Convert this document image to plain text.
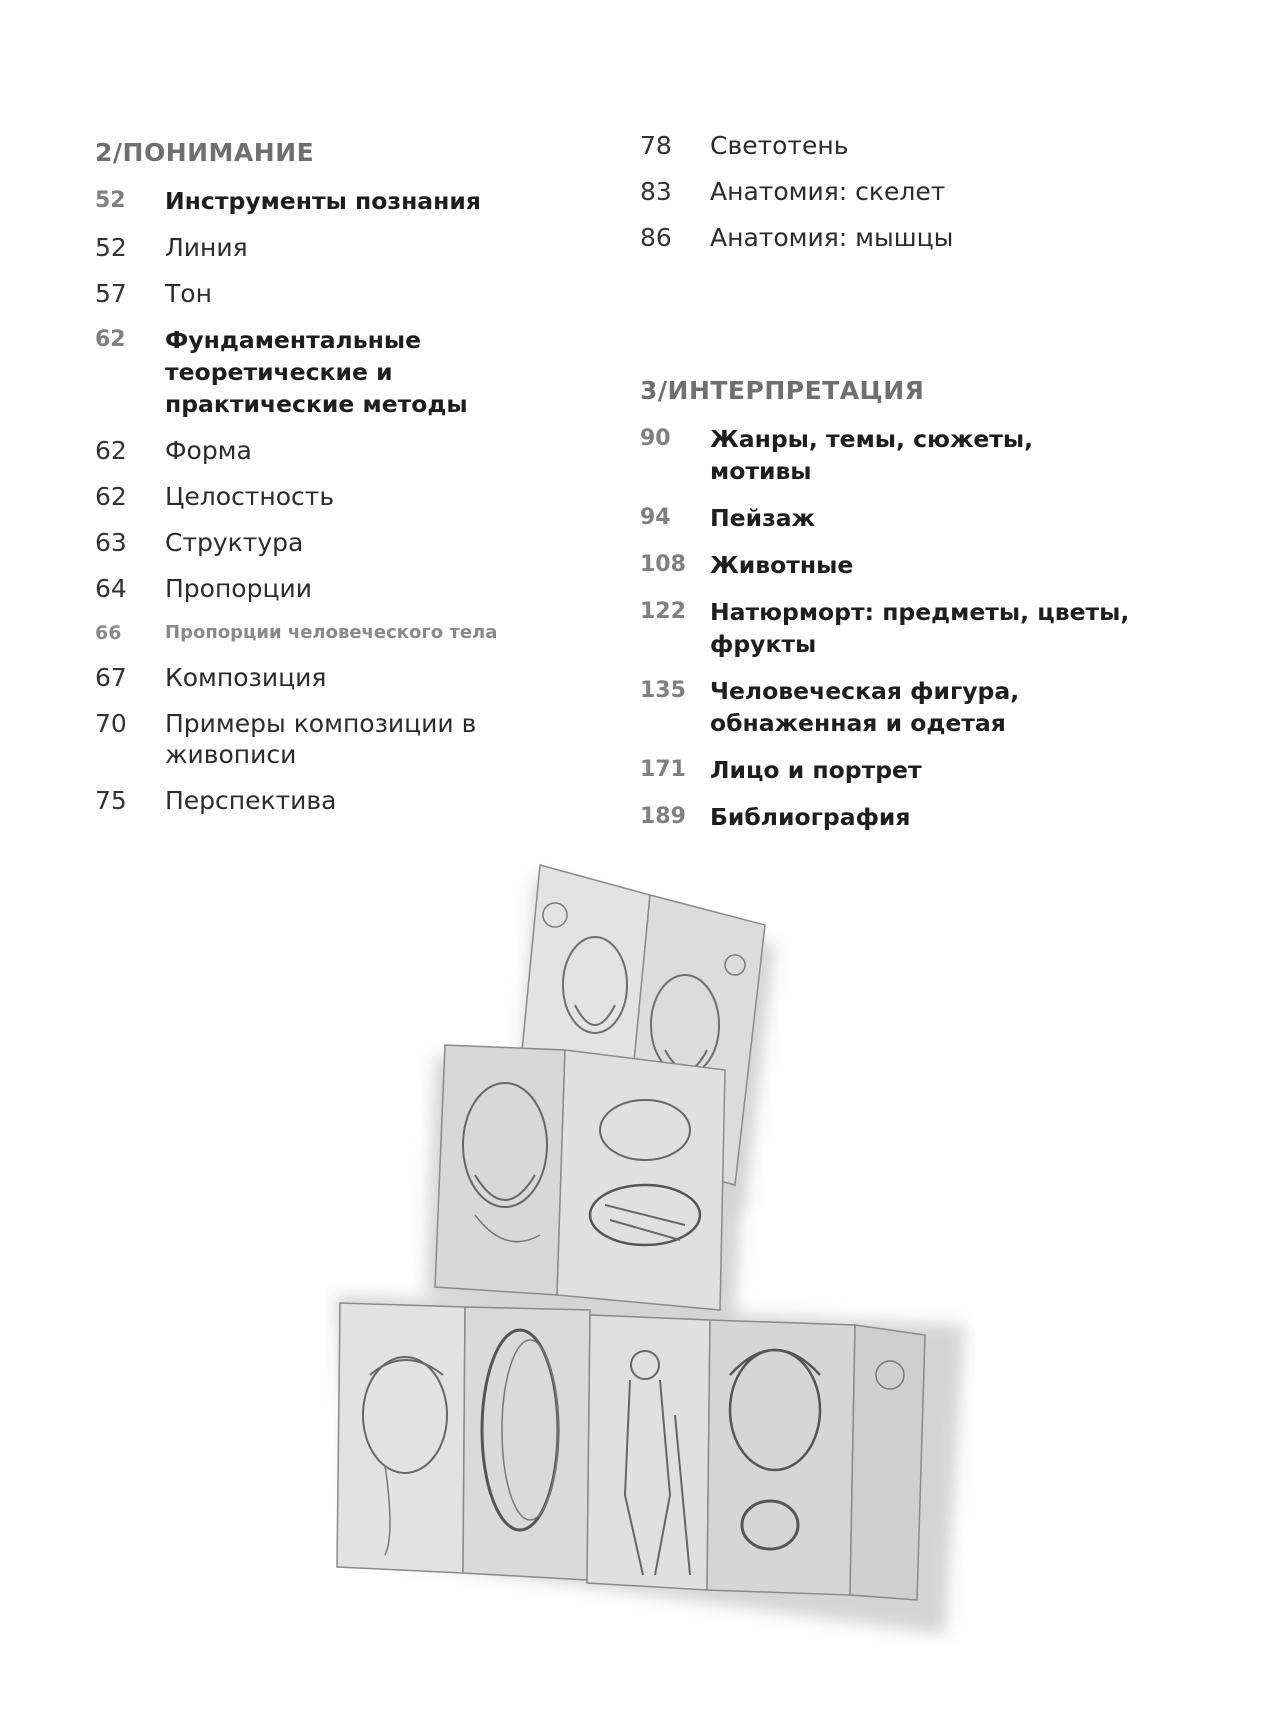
2/ПОНИМАНИЕ
52	Инструменты познания
52	Линия
57	Тон
62	Фундаментальные теоретические и практические методы
62	Форма
62	Целостность
63	Структура
64	Пропорции
66	Пропорции человеческого тела
67	Композиция
70	Примеры композиции в живописи
75	Перспектива
78	Светотень
83	Анатомия: скелет
86	Анатомия: мышцы
3/ИНТЕРПРЕТАЦИЯ
90	Жанры, темы, сюжеты, мотивы
94	Пейзаж
108	Животные
122	Натюрморт: предметы, цветы, фрукты
135	Человеческая фигура, обнаженная и одетая
171	Лицо и портрет
189	Библиография
